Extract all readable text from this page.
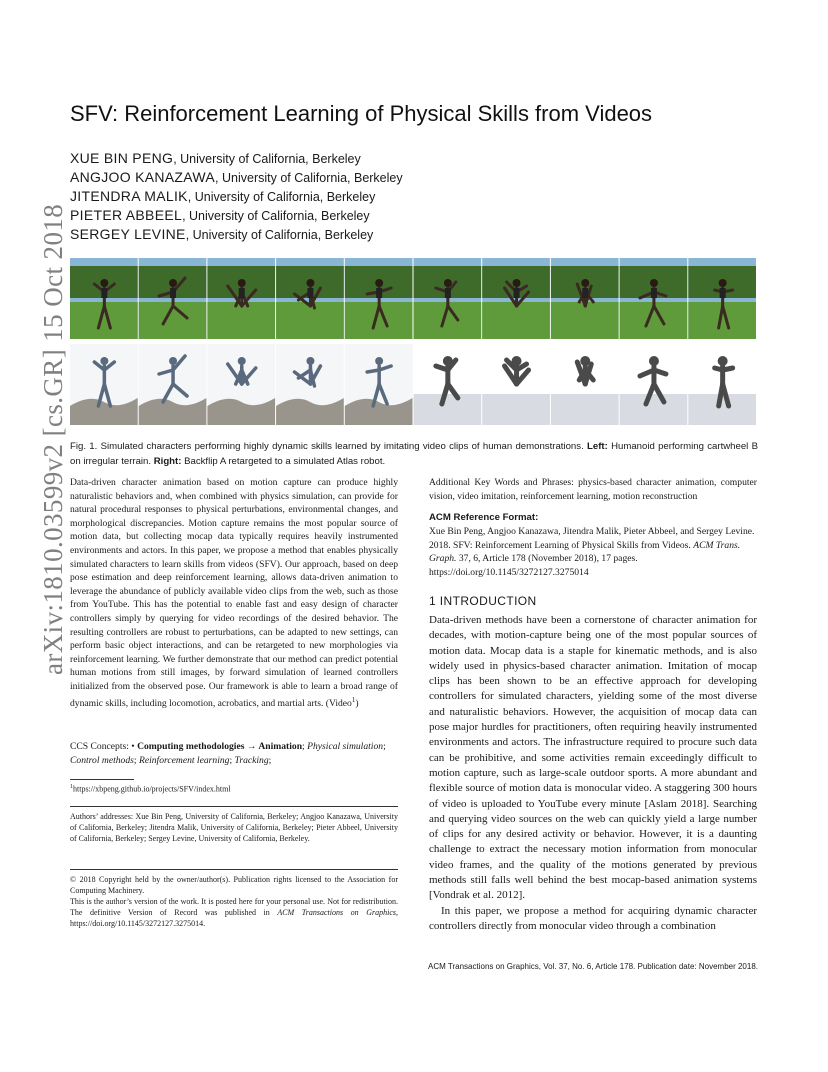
arXiv:1810.03599v2 [cs.GR] 15 Oct 2018
SFV: Reinforcement Learning of Physical Skills from Videos
XUE BIN PENG, University of California, Berkeley
ANGJOO KANAZAWA, University of California, Berkeley
JITENDRA MALIK, University of California, Berkeley
PIETER ABBEEL, University of California, Berkeley
SERGEY LEVINE, University of California, Berkeley
Fig. 1. Simulated characters performing highly dynamic skills learned by imitating video clips of human demonstrations. Left: Humanoid performing cartwheel B on irregular terrain. Right: Backflip A retargeted to a simulated Atlas robot.
Data-driven character animation based on motion capture can produce highly naturalistic behaviors and, when combined with physics simulation, can provide for natural procedural responses to physical perturbations, environmental changes, and morphological discrepancies. Motion capture remains the most popular source of motion data, but collecting mocap data typically requires heavily instrumented environments and actors. In this paper, we propose a method that enables physically simulated characters to learn skills from videos (SFV). Our approach, based on deep pose estimation and deep reinforcement learning, allows data-driven animation to leverage the abundance of publicly available video clips from the web, such as those from YouTube. This has the potential to enable fast and easy design of character controllers simply by querying for video recordings of the desired behavior. The resulting controllers are robust to perturbations, can be adapted to new settings, can perform basic object interactions, and can be retargeted to new morphologies via reinforcement learning. We further demonstrate that our method can predict potential human motions from still images, by forward simulation of learned controllers initialized from the observed pose. Our framework is able to learn a broad range of dynamic skills, including locomotion, acrobatics, and martial arts. (Video$^1$)
CCS Concepts: • Computing methodologies → Animation; Physical simulation; Control methods; Reinforcement learning; Tracking;
$^1$https://xbpeng.github.io/projects/SFV/index.html
Authors’ addresses: Xue Bin Peng, University of California, Berkeley; Angjoo Kanazawa, University of California, Berkeley; Jitendra Malik, University of California, Berkeley; Pieter Abbeel, University of California, Berkeley; Sergey Levine, University of California, Berkeley.
© 2018 Copyright held by the owner/author(s). Publication rights licensed to the Association for Computing Machinery.
This is the author’s version of the work. It is posted here for your personal use. Not for redistribution. The definitive Version of Record was published in ACM Transactions on Graphics, https://doi.org/10.1145/3272127.3275014.
Additional Key Words and Phrases: physics-based character animation, computer vision, video imitation, reinforcement learning, motion reconstruction
ACM Reference Format:
Xue Bin Peng, Angjoo Kanazawa, Jitendra Malik, Pieter Abbeel, and Sergey Levine. 2018. SFV: Reinforcement Learning of Physical Skills from Videos. ACM Trans. Graph. 37, 6, Article 178 (November 2018), 17 pages. https://doi.org/10.1145/3272127.3275014
1 INTRODUCTION

Data-driven methods have been a cornerstone of character animation for decades, with motion-capture being one of the most popular sources of motion data. Mocap data is a staple for kinematic methods, and is also widely used in physics-based character animation. Imitation of mocap clips has been shown to be an effective approach for developing controllers for simulated characters, yielding some of the most diverse and naturalistic behaviors. However, the acquisition of mocap data can pose major hurdles for practitioners, often requiring heavily instrumented environments and actors. The infrastructure required to procure such data can be prohibitive, and some activities remain exceedingly difficult to motion capture, such as large-scale outdoor sports. A more abundant and flexible source of motion data is monocular video. A staggering 300 hours of video is uploaded to YouTube every minute [Aslam 2018]. Searching and querying video sources on the web can quickly yield a large number of clips for any desired activity or behavior. However, it is a daunting challenge to extract the necessary motion information from monocular video frames, and the quality of the motions generated by previous methods still falls well behind the best mocap-based animation systems [Vondrak et al. 2012].

In this paper, we propose a method for acquiring dynamic character controllers directly from monocular video through a combination

ACM Transactions on Graphics, Vol. 37, No. 6, Article 178. Publication date: November 2018.
